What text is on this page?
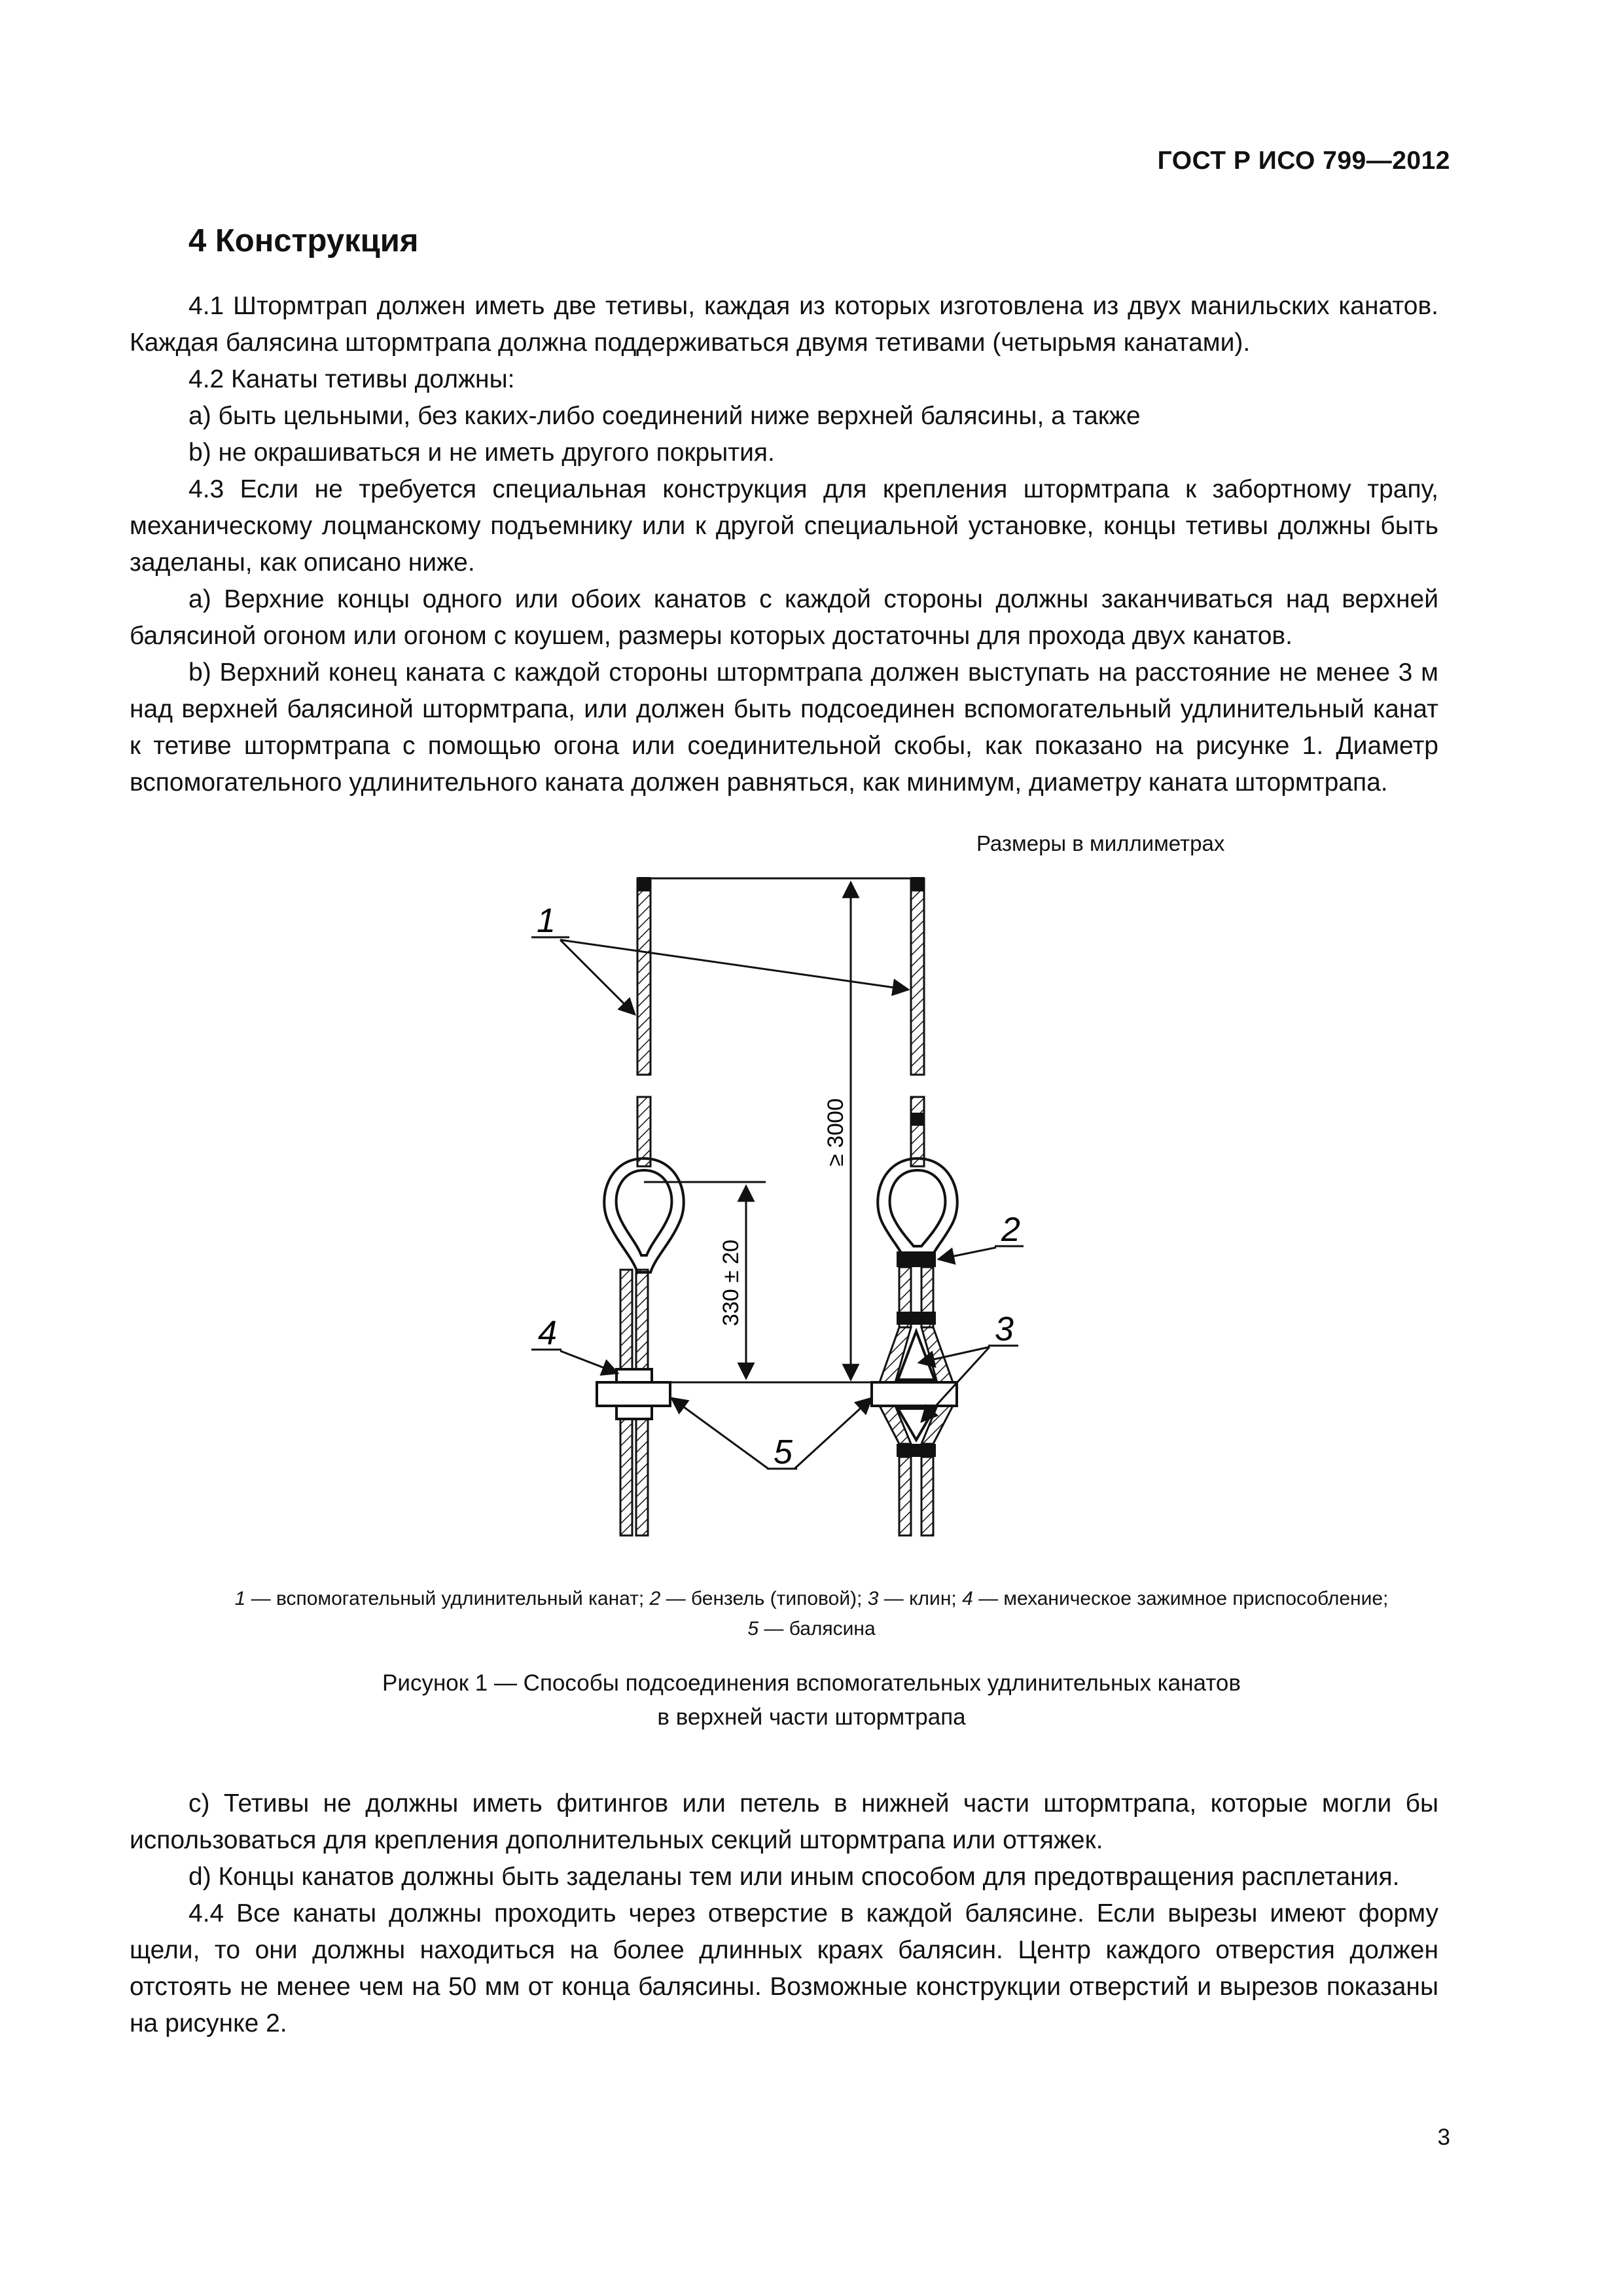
ГОСТ Р ИСО 799—2012
4 Конструкция

4.1 Штормтрап должен иметь две тетивы, каждая из которых изготовлена из двух манильских канатов. Каждая балясина штормтрапа должна поддерживаться двумя тетивами (четырьмя канатами).

4.2 Канаты тетивы должны:

a) быть цельными, без каких-либо соединений ниже верхней балясины, а также

b) не окрашиваться и не иметь другого покрытия.

4.3 Если не требуется специальная конструкция для крепления штормтрапа к забортному трапу, механическому лоцманскому подъемнику или к другой специальной установке, концы тетивы должны быть заделаны, как описано ниже.

a) Верхние концы одного или обоих канатов с каждой стороны должны заканчиваться над верхней балясиной огоном или огоном с коушем, размеры которых достаточны для прохода двух канатов.

b) Верхний конец каната с каждой стороны штормтрапа должен выступать на расстояние не менее 3 м над верхней балясиной штормтрапа, или должен быть подсоединен вспомогательный удлинительный канат к тетиве штормтрапа с помощью огона или соединительной скобы, как показано на рисунке 1. Диаметр вспомогательного удлинительного каната должен равняться, как минимум, диаметру каната штормтрапа.

Размеры в миллиметрах
≥ 3000
330 ± 20
1
2
3
4
5
1 — вспомогательный удлинительный канат; 2 — бензель (типовой); 3 — клин; 4 — механическое зажимное приспособление;
5 — балясина
Рисунок 1 — Способы подсоединения вспомогательных удлинительных канатов
в верхней части штормтрапа

c) Тетивы не должны иметь фитингов или петель в нижней части штормтрапа, которые могли бы использоваться для крепления дополнительных секций штормтрапа или оттяжек.

d) Концы канатов должны быть заделаны тем или иным способом для предотвращения расплетания.

4.4 Все канаты должны проходить через отверстие в каждой балясине. Если вырезы имеют форму щели, то они должны находиться на более длинных краях балясин. Центр каждого отверстия должен отстоять не менее чем на 50 мм от конца балясины. Возможные конструкции отверстий и вырезов показаны на рисунке 2.

3
